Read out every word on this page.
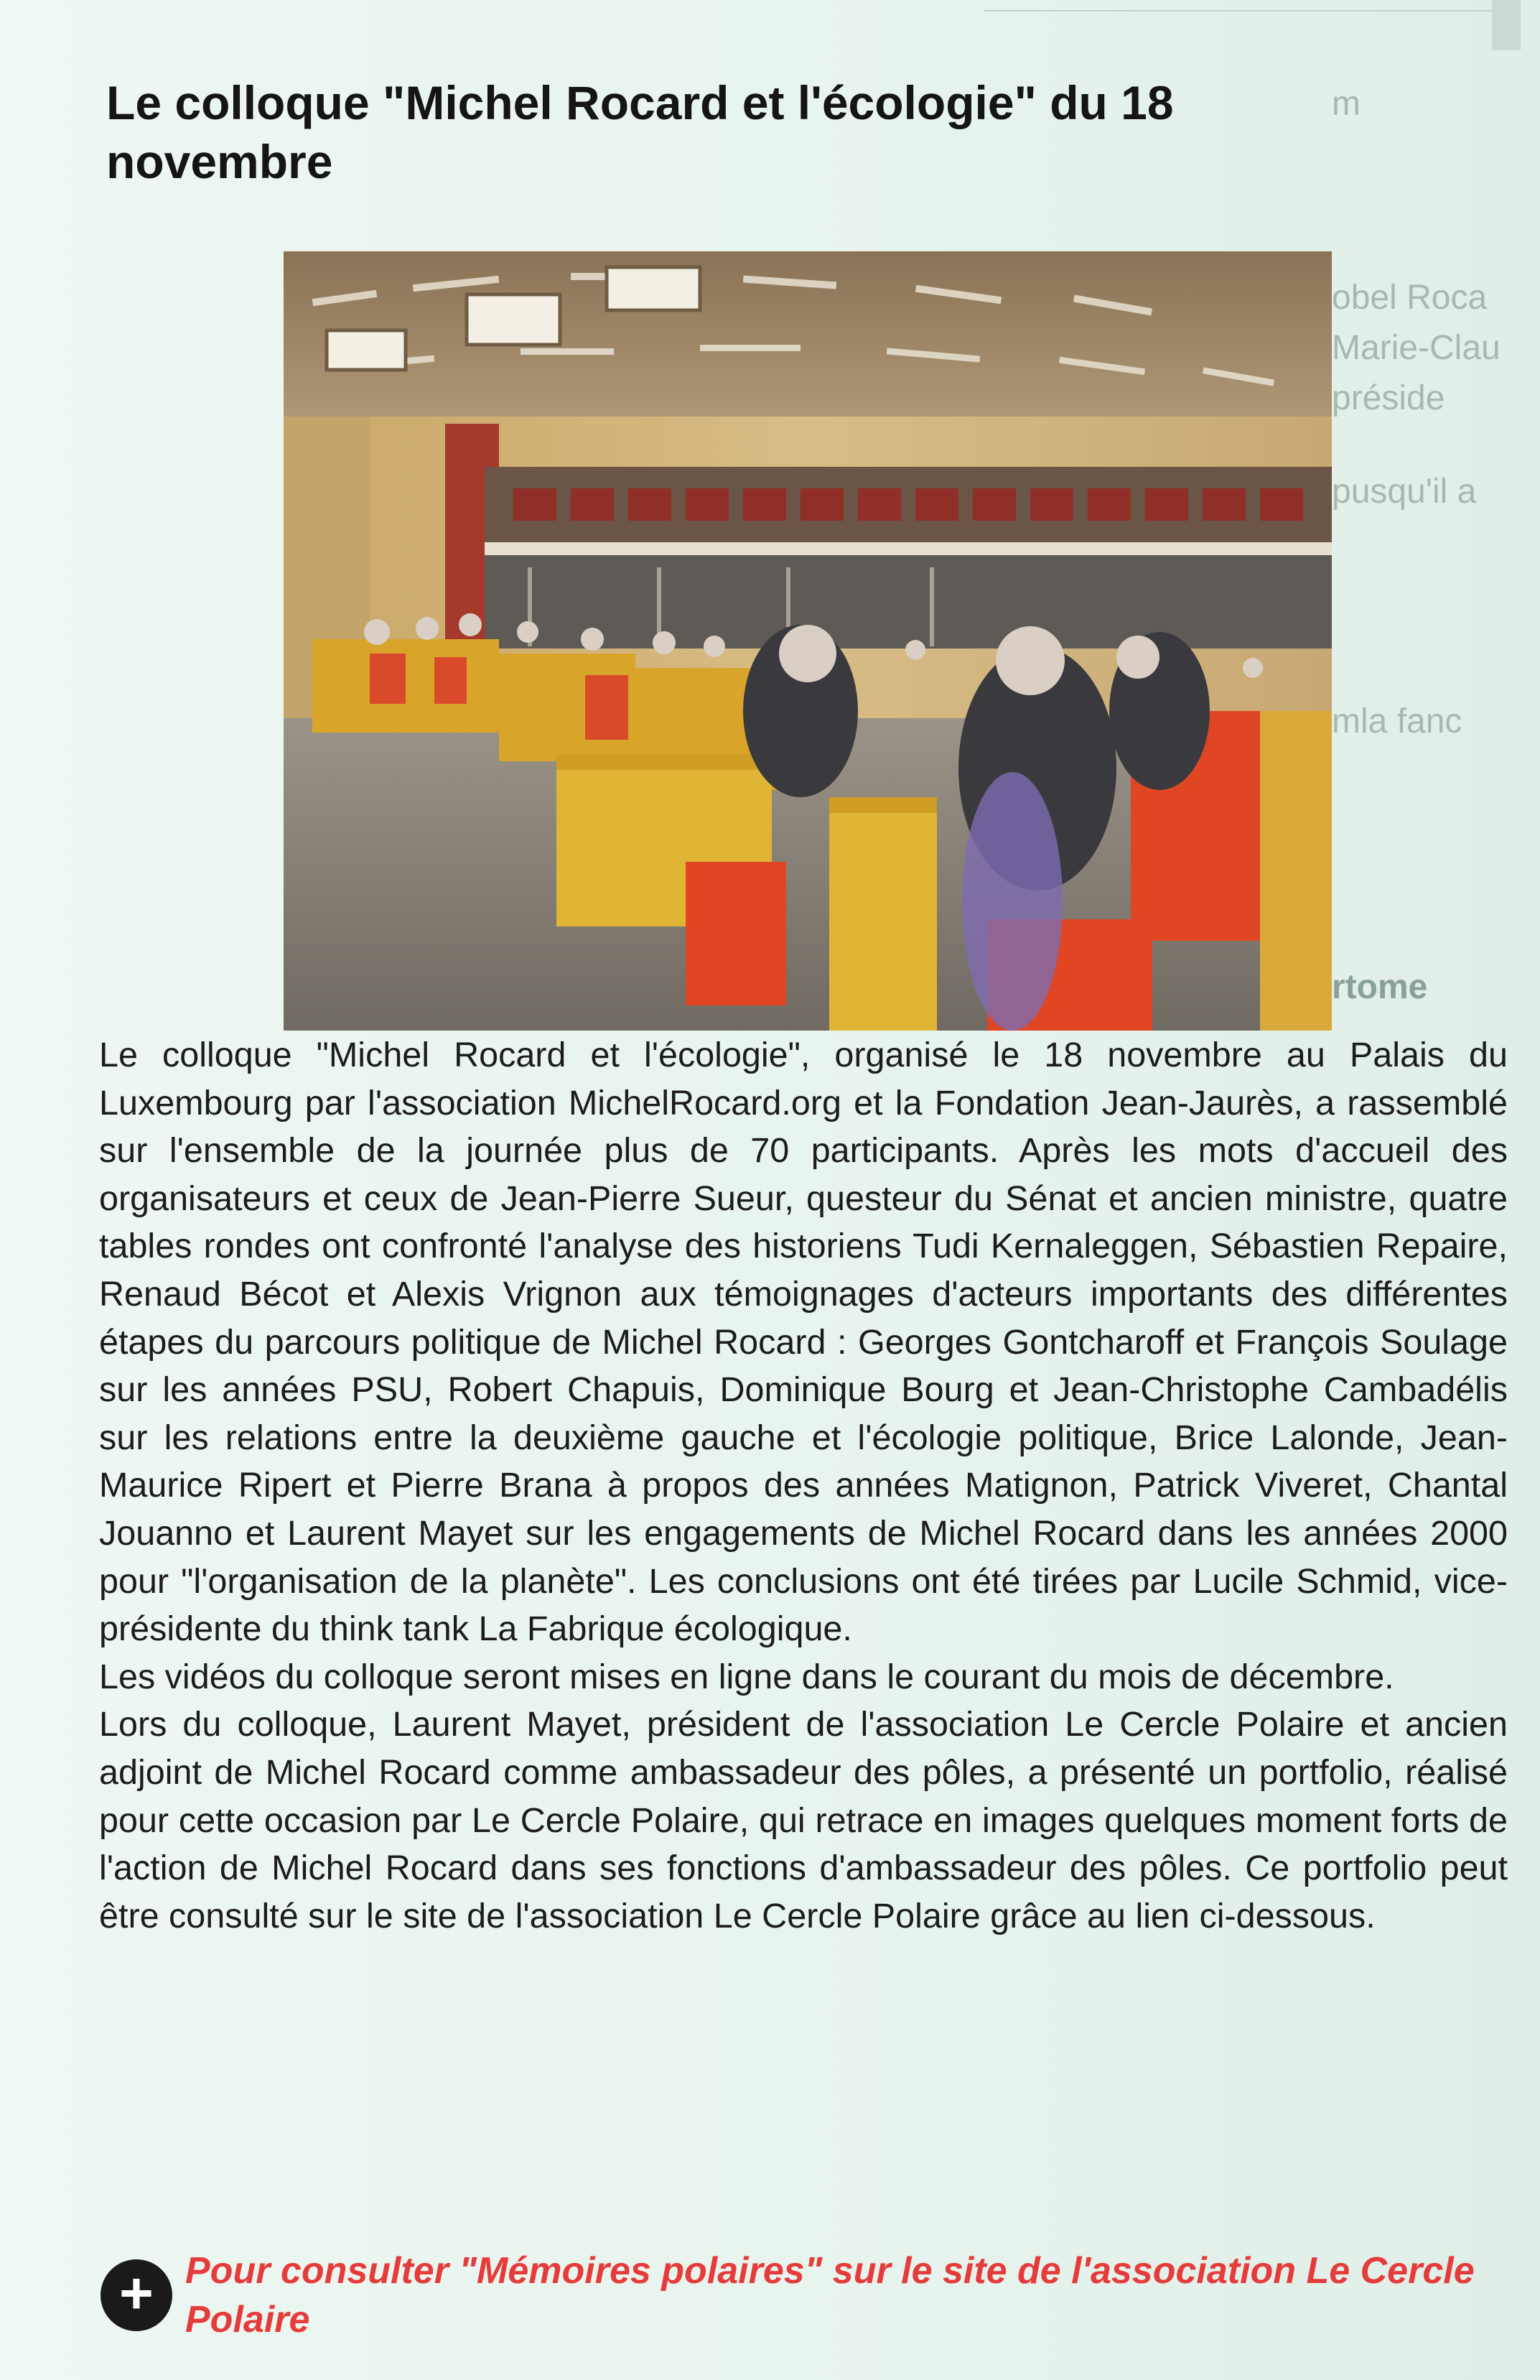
m
obel Roca
Marie-Clau
préside
pusqu'il a
mla fanc
rtome
Le colloque "Michel Rocard et l'écologie" du 18 novembre

Le colloque "Michel Rocard et l'écologie", organisé le 18 novembre au Palais du Luxembourg par l'association MichelRocard.org et la Fondation Jean-Jaurès, a rassemblé sur l'ensemble de la journée plus de 70 participants. Après les mots d'accueil des organisateurs et ceux de Jean-Pierre Sueur, questeur du Sénat et ancien ministre, quatre tables rondes ont confronté l'analyse des historiens Tudi Kernaleggen, Sébastien Repaire, Renaud Bécot et Alexis Vrignon aux témoignages d'acteurs importants des différentes étapes du parcours politique de Michel Rocard : Georges Gontcharoff et François Soulage sur les années PSU, Robert Chapuis, Dominique Bourg et Jean-Christophe Cambadélis sur les relations entre la deuxième gauche et l'écologie politique, Brice Lalonde, Jean-Maurice Ripert et Pierre Brana à propos des années Matignon, Patrick Viveret, Chantal Jouanno et Laurent Mayet sur les engagements de Michel Rocard dans les années 2000 pour "l'organisation de la planète". Les conclusions ont été tirées par Lucile Schmid, vice-présidente du think tank La Fabrique écologique.

Les vidéos du colloque seront mises en ligne dans le courant du mois de décembre.

Lors du colloque, Laurent Mayet, président de l'association Le Cercle Polaire et ancien adjoint de Michel Rocard comme ambassadeur des pôles, a présenté un portfolio, réalisé pour cette occasion par Le Cercle Polaire, qui retrace en images quelques moment forts de l'action de Michel Rocard dans ses fonctions d'ambassadeur des pôles. Ce portfolio peut être consulté sur le site de l'association Le Cercle Polaire grâce au lien ci-dessous.

+ Pour consulter "Mémoires polaires" sur le site de l'association Le Cercle Polaire
